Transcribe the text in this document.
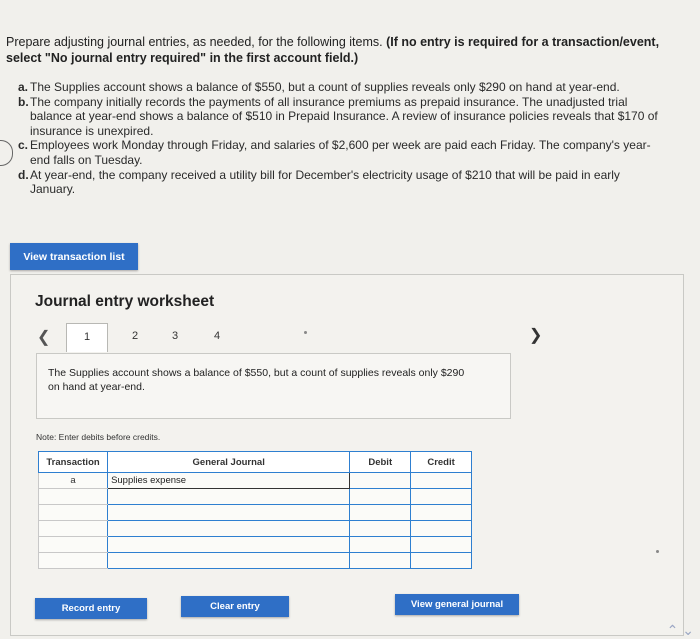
Prepare adjusting journal entries, as needed, for the following items. (If no entry is required for a transaction/event, select "No journal entry required" in the first account field.)
a. The Supplies account shows a balance of $550, but a count of supplies reveals only $290 on hand at year-end.
b. The company initially records the payments of all insurance premiums as prepaid insurance. The unadjusted trial balance at year-end shows a balance of $510 in Prepaid Insurance. A review of insurance policies reveals that $170 of insurance is unexpired.
c. Employees work Monday through Friday, and salaries of $2,600 per week are paid each Friday. The company's year-end falls on Tuesday.
d. At year-end, the company received a utility bill for December's electricity usage of $210 that will be paid in early January.
View transaction list
Journal entry worksheet
❮	1	2	3	4	❯

The Supplies account shows a balance of $550, but a count of supplies reveals only $290 on hand at year-end.

Note: Enter debits before credits.
Transaction	General Journal	Debit	Credit
a	Supplies expense		

Record entry	Clear entry	View general journal
⌃ ⌄
